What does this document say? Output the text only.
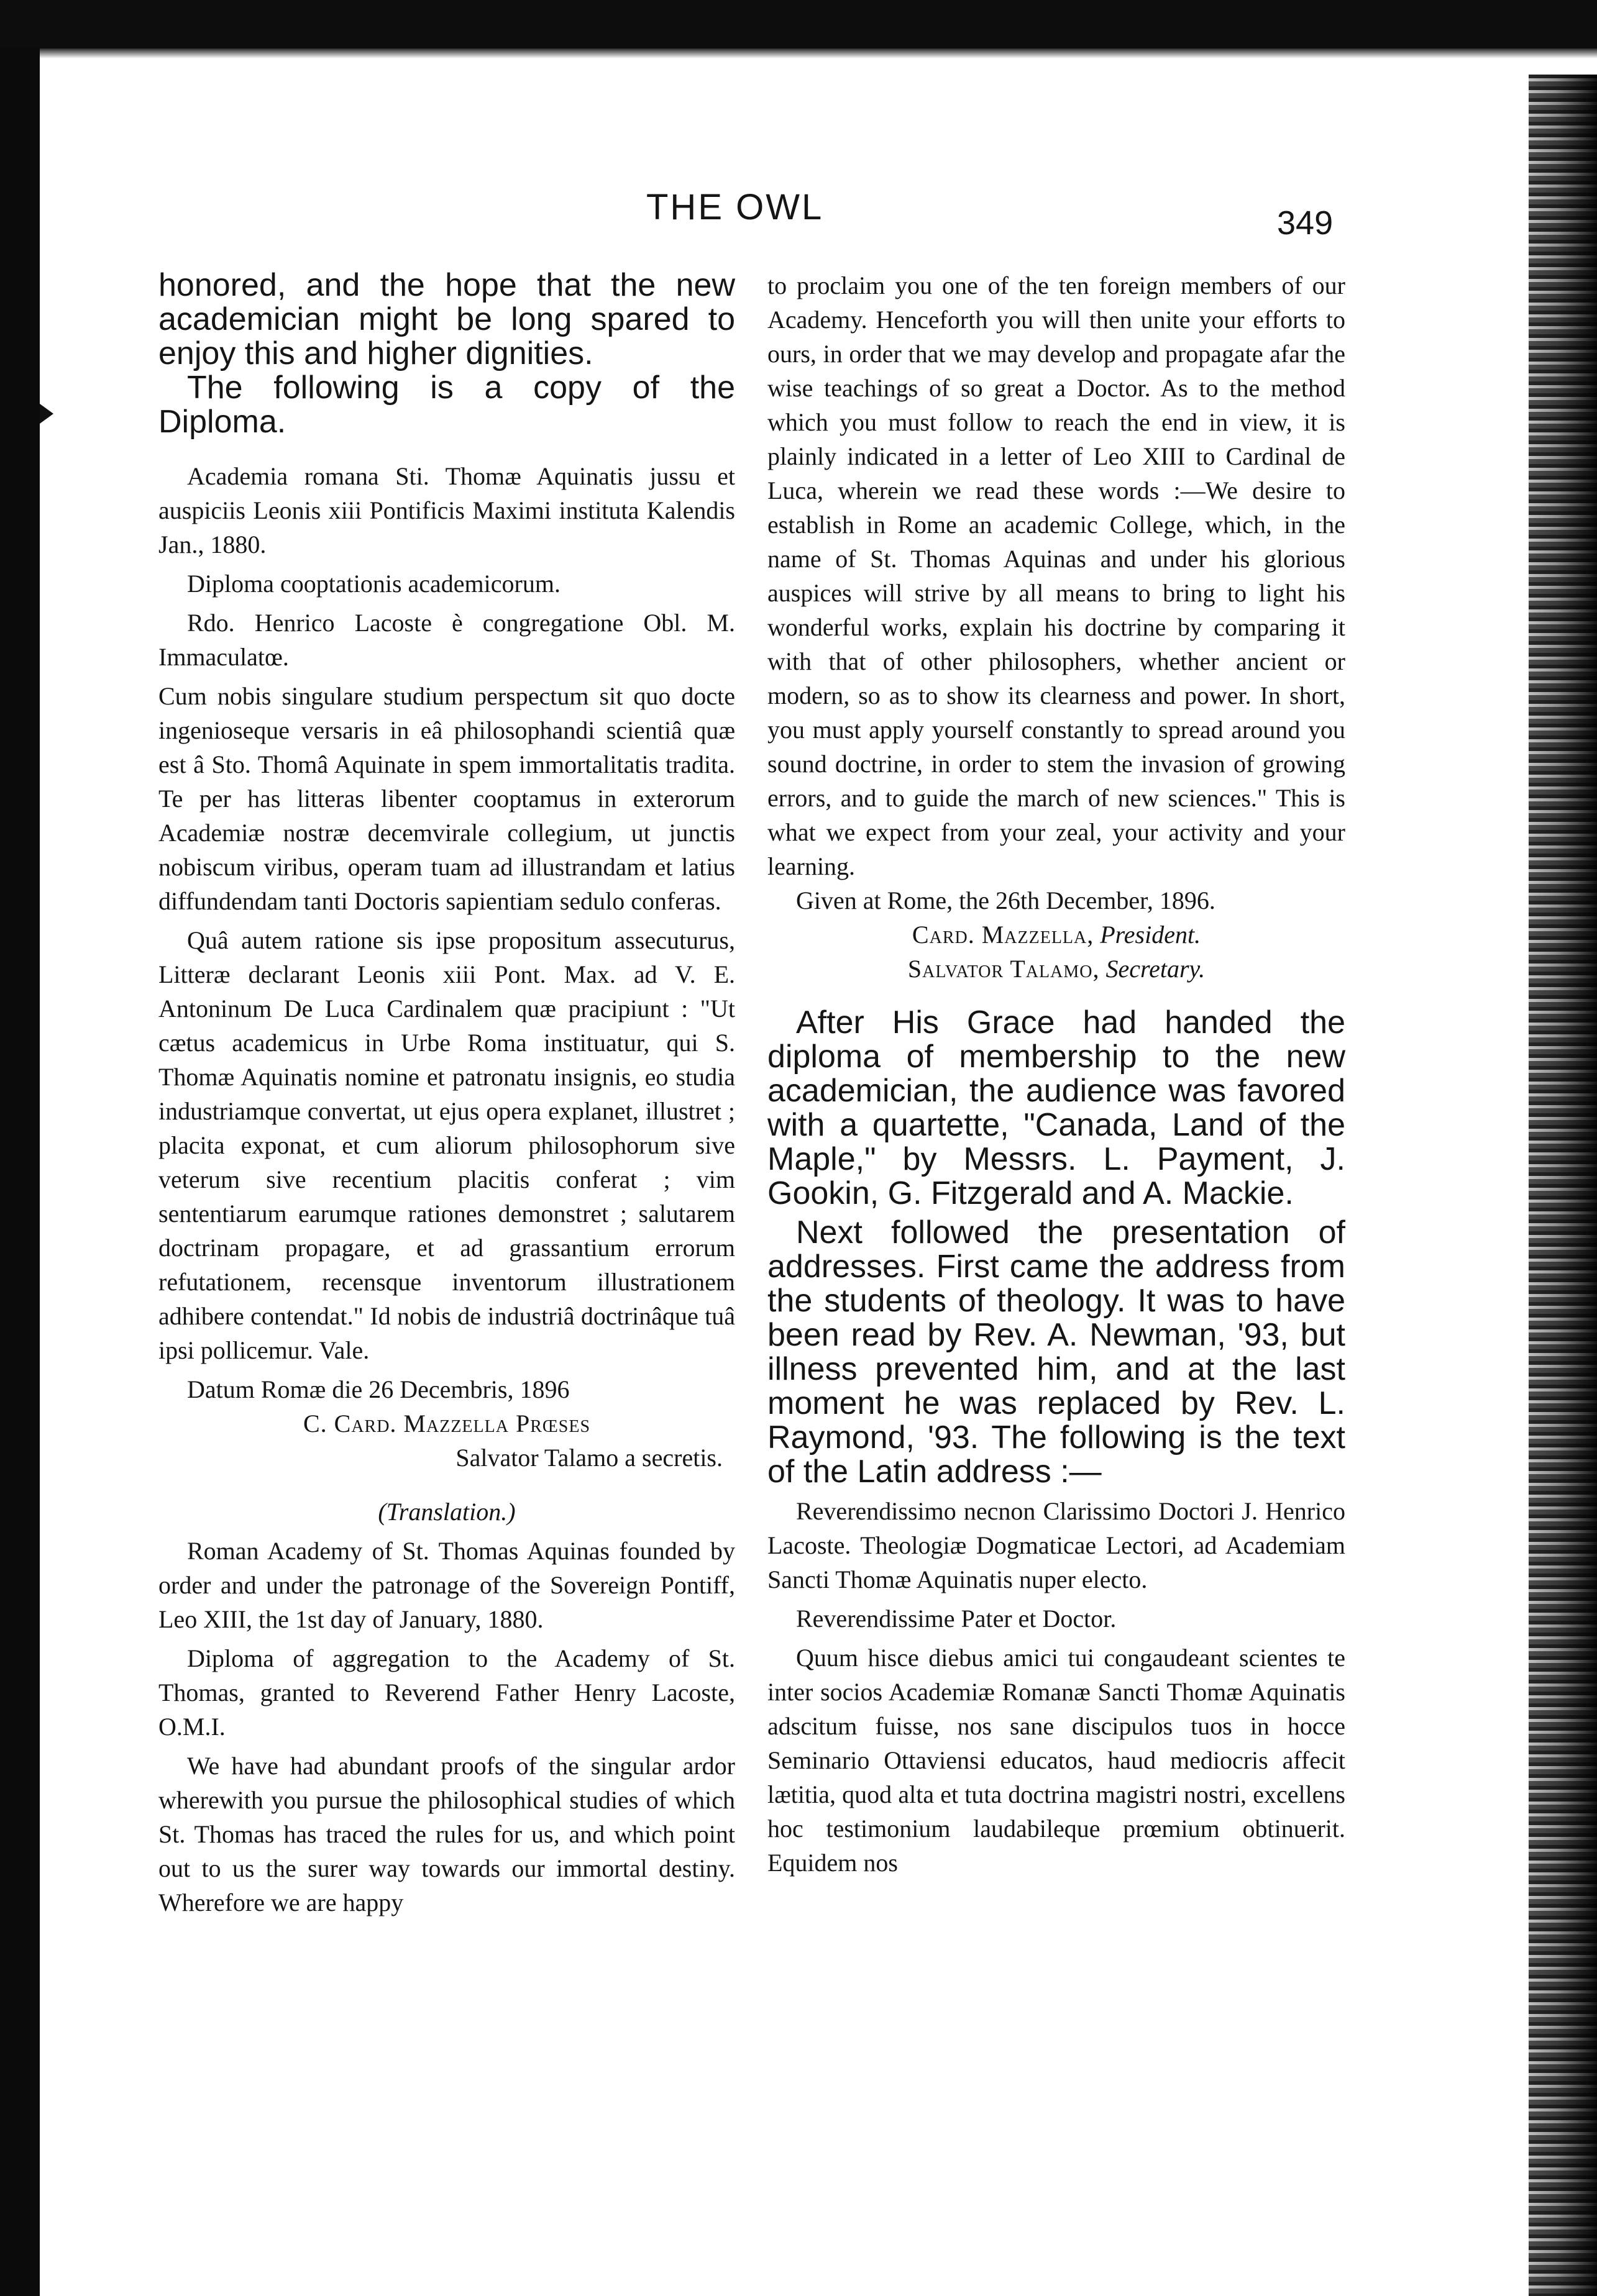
THE OWL	349

honored, and the hope that the new academician might be long spared to enjoy this and higher dignities.

The following is a copy of the Diploma.

Academia romana Sti. Thomæ Aquinatis jussu et auspiciis Leonis xiii Pontificis Maximi instituta Kalendis Jan., 1880.

Diploma cooptationis academicorum.

Rdo. Henrico Lacoste è congregatione Obl. M. Immaculatœ.

Cum nobis singulare studium perspectum sit quo docte ingenioseque versaris in eâ philosophandi scientiâ quæ est â Sto. Thomâ Aquinate in spem immortalitatis tradita. Te per has litteras libenter cooptamus in exterorum Academiæ nostræ decemvirale collegium, ut junctis nobiscum viribus, operam tuam ad illustrandam et latius diffundendam tanti Doctoris sapientiam sedulo conferas.

Quâ autem ratione sis ipse propositum assecuturus, Litteræ declarant Leonis xiii Pont. Max. ad V. E. Antoninum De Luca Cardinalem quæ pracipiunt : "Ut cætus academicus in Urbe Roma instituatur, qui S. Thomæ Aquinatis nomine et patronatu insignis, eo studia industriamque convertat, ut ejus opera explanet, illustret ; placita exponat, et cum aliorum philosophorum sive veterum sive recentium placitis conferat ; vim sententiarum earumque rationes demonstret ; salutarem doctrinam propagare, et ad grassantium errorum refutationem, recensque inventorum illustrationem adhibere contendat." Id nobis de industriâ doctrinâque tuâ ipsi pollicemur. Vale.

Datum Romæ die 26 Decembris, 1896

C. Card. Mazzella Prœses

Salvator Talamo a secretis.

(Translation.)

Roman Academy of St. Thomas Aquinas founded by order and under the patronage of the Sovereign Pontiff, Leo XIII, the 1st day of January, 1880.

Diploma of aggregation to the Academy of St. Thomas, granted to Reverend Father Henry Lacoste, O.M.I.

We have had abundant proofs of the singular ardor wherewith you pursue the philosophical studies of which St. Thomas has traced the rules for us, and which point out to us the surer way towards our immortal destiny. Wherefore we are happy

to proclaim you one of the ten foreign members of our Academy. Henceforth you will then unite your efforts to ours, in order that we may develop and propagate afar the wise teachings of so great a Doctor. As to the method which you must follow to reach the end in view, it is plainly indicated in a letter of Leo XIII to Cardinal de Luca, wherein we read these words :—We desire to establish in Rome an academic College, which, in the name of St. Thomas Aquinas and under his glorious auspices will strive by all means to bring to light his wonderful works, explain his doctrine by comparing it with that of other philosophers, whether ancient or modern, so as to show its clearness and power. In short, you must apply yourself constantly to spread around you sound doctrine, in order to stem the invasion of growing errors, and to guide the march of new sciences." This is what we expect from your zeal, your activity and your learning.

Given at Rome, the 26th December, 1896.

Card. Mazzella, President.

Salvator Talamo, Secretary.

After His Grace had handed the diploma of membership to the new academician, the audience was favored with a quartette, "Canada, Land of the Maple," by Messrs. L. Payment, J. Gookin, G. Fitzgerald and A. Mackie.

Next followed the presentation of addresses. First came the address from the students of theology. It was to have been read by Rev. A. Newman, '93, but illness prevented him, and at the last moment he was replaced by Rev. L. Raymond, '93. The following is the text of the Latin address :—

Reverendissimo necnon Clarissimo Doctori J. Henrico Lacoste. Theologiæ Dogmaticae Lectori, ad Academiam Sancti Thomæ Aquinatis nuper electo.

Reverendissime Pater et Doctor.

Quum hisce diebus amici tui congaudeant scientes te inter socios Academiæ Romanæ Sancti Thomæ Aquinatis adscitum fuisse, nos sane discipulos tuos in hocce Seminario Ottaviensi educatos, haud mediocris affecit lætitia, quod alta et tuta doctrina magistri nostri, excellens hoc testimonium laudabileque prœmium obtinuerit. Equidem nos
